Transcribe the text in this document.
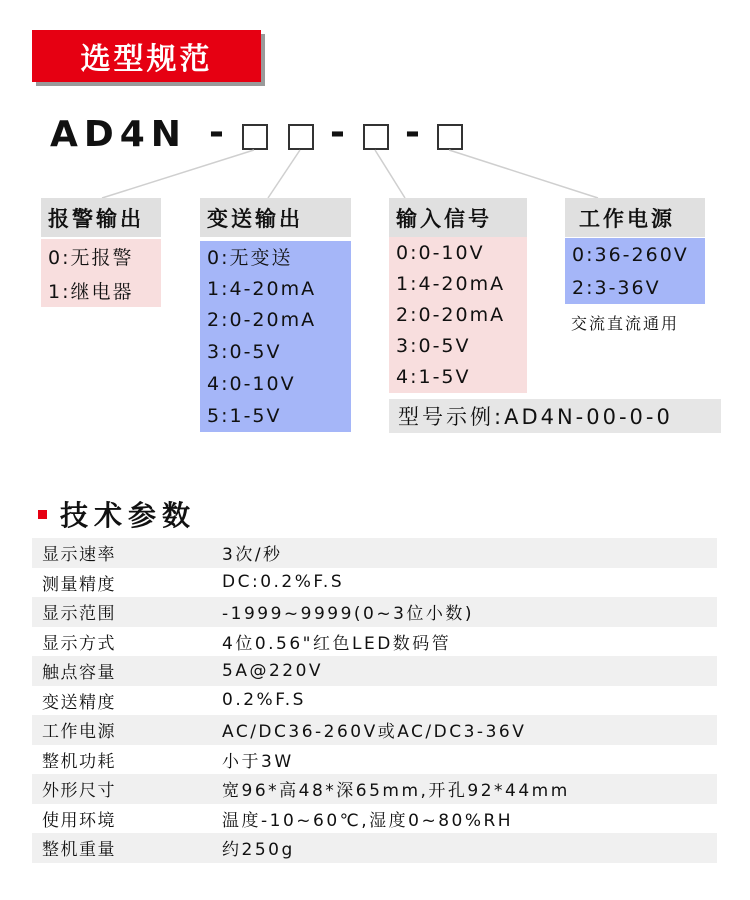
选型规范
AD4N -	- -
报警输出
0:无报警
1:继电器
变送输出
0:无变送
1:4-20mA
2:0-20mA
3:0-5V
4:0-10V
5:1-5V
输入信号
0:0-10V
1:4-20mA
2:0-20mA
3:0-5V
4:1-5V
工作电源
0:36-260V
2:3-36V
交流直流通用
型号示例:AD4N-00-0-0
技术参数
显示速率	3次/秒
测量精度	DC:0.2%F.S
显示范围	-1999~9999(0~3位小数)
显示方式	4位0.56"红色LED数码管
触点容量	5A@220V
变送精度	0.2%F.S
工作电源	AC/DC36-260V或AC/DC3-36V
整机功耗	小于3W
外形尺寸	宽96*高48*深65mm,开孔92*44mm
使用环境	温度-10~60℃,湿度0~80%RH
整机重量	约250g
